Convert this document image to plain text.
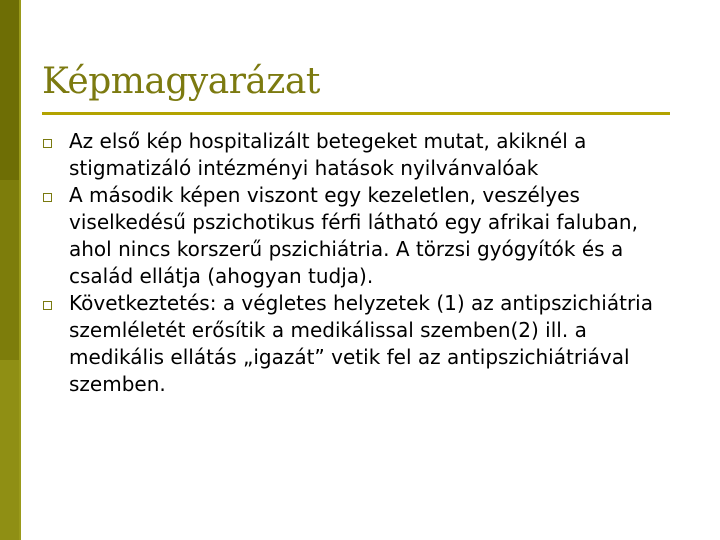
Képmagyarázat
Az első kép hospitalizált betegeket mutat, akiknél a stigmatizáló intézményi hatások nyilvánvalóak
A második képen viszont egy kezeletlen, veszélyes viselkedésű pszichotikus férfi látható egy afrikai faluban, ahol nincs korszerű pszichiátria. A törzsi gyógyítók és a család ellátja (ahogyan tudja).
Következtetés: a végletes helyzetek (1) az antipszichiátria szemléletét erősítik a medikálissal szemben(2) ill. a medikális ellátás „igazát” vetik fel az antipszichiátriával szemben.
